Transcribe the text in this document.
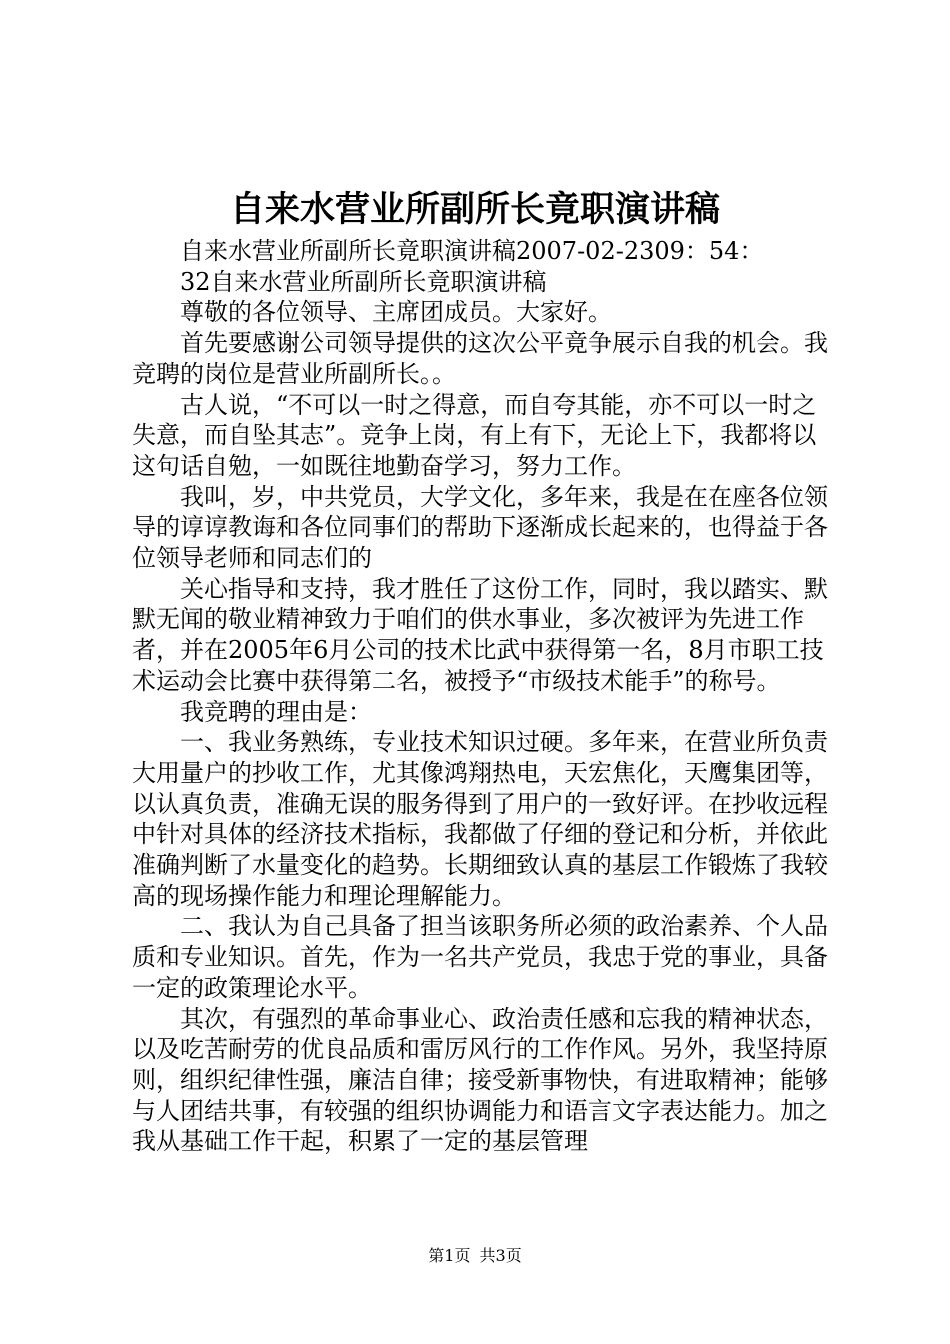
自来水营业所副所长竟职演讲稿

自来水营业所副所长竟职演讲稿2007-02-2309：54：

32自来水营业所副所长竟职演讲稿

尊敬的各位领导、主席团成员。大家好。

首先要感谢公司领导提供的这次公平竟争展示自我的机会。我竞聘的岗位是营业所副所长。。

古人说，“不可以一时之得意，而自夸其能，亦不可以一时之失意，而自坠其志”。竞争上岗，有上有下，无论上下，我都将以这句话自勉，一如既往地勤奋学习，努力工作。

我叫，岁，中共党员，大学文化，多年来，我是在在座各位领导的谆谆教诲和各位同事们的帮助下逐渐成长起来的，也得益于各位领导老师和同志们的

关心指导和支持，我才胜任了这份工作，同时，我以踏实、默默无闻的敬业精神致力于咱们的供水事业，多次被评为先进工作者，并在2005年6月公司的技术比武中获得第一名，8月市职工技术运动会比赛中获得第二名，被授予“市级技术能手”的称号。

我竞聘的理由是：

一、我业务熟练，专业技术知识过硬。多年来，在营业所负责大用量户的抄收工作，尤其像鸿翔热电，天宏焦化，天鹰集团等，以认真负责，准确无误的服务得到了用户的一致好评。在抄收远程中针对具体的经济技术指标，我都做了仔细的登记和分析，并依此准确判断了水量变化的趋势。长期细致认真的基层工作锻炼了我较高的现场操作能力和理论理解能力。

二、我认为自己具备了担当该职务所必须的政治素养、个人品质和专业知识。首先，作为一名共产党员，我忠于党的事业，具备一定的政策理论水平。

其次，有强烈的革命事业心、政治责任感和忘我的精神状态，以及吃苦耐劳的优良品质和雷厉风行的工作作风。另外，我坚持原则，组织纪律性强，廉洁自律；接受新事物快，有进取精神；能够与人团结共事，有较强的组织协调能力和语言文字表达能力。加之我从基础工作干起，积累了一定的基层管理

第1页 共3页
